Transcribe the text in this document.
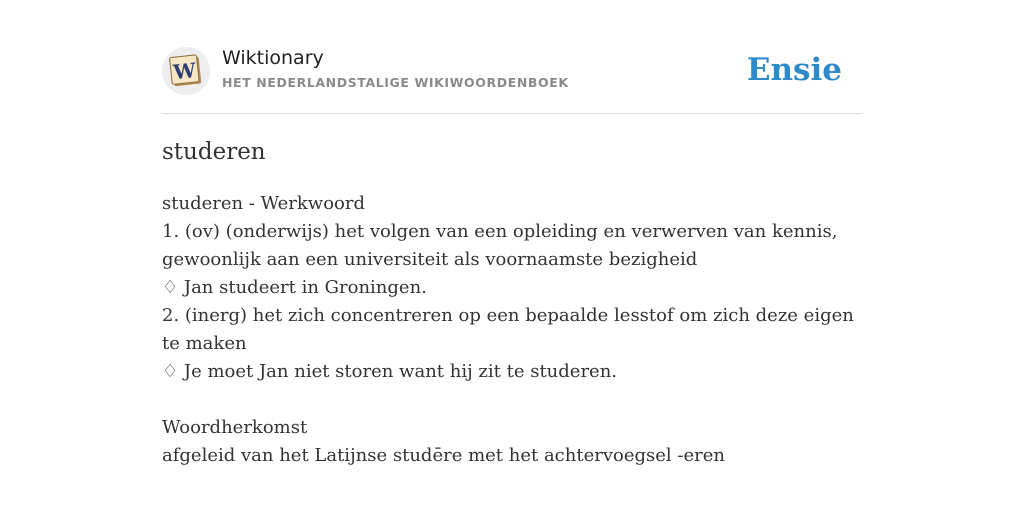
W
Wiktionary
HET NEDERLANDSTALIGE WIKIWOORDENBOEK	Ensie
studeren

studeren - Werkwoord

1. (ov) (onderwijs) het volgen van een opleiding en verwerven van kennis, gewoonlijk aan een universiteit als voornaamste bezigheid

♢ Jan studeert in Groningen.

2. (inerg) het zich concentreren op een bepaalde lesstof om zich deze eigen te maken

♢ Je moet Jan niet storen want hij zit te studeren.

Woordherkomst

afgeleid van het Latijnse studēre met het achtervoegsel -eren
